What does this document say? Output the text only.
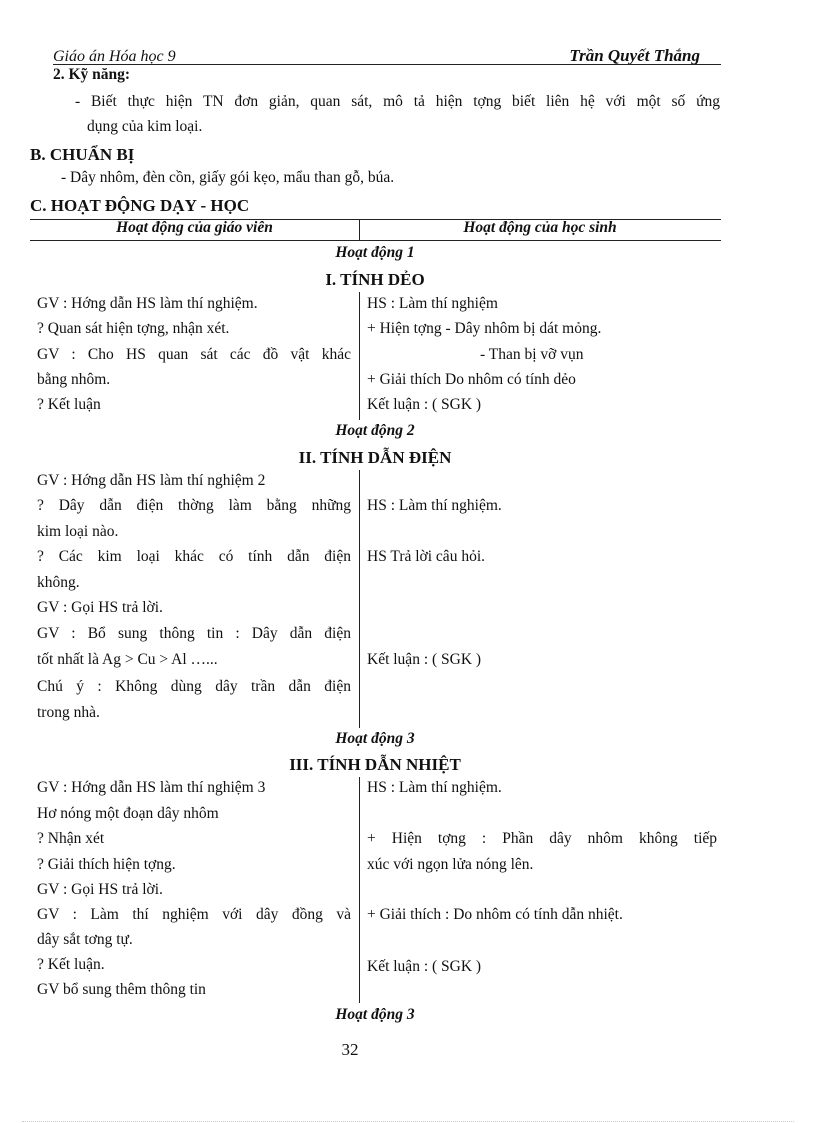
Giáo án Hóa học 9	Trần Quyết Thắng
2. Kỹ năng:
- Biết thực hiện TN đơn giản, quan sát, mô tả hiện tợng biết liên hệ với một số ứng
dụng của kim loại.
B. CHUẨN BỊ
- Dây nhôm, đèn cồn, giấy gói kẹo, mẩu than gỗ, búa.
C. HOẠT ĐỘNG DẠY - HỌC
Hoạt động của giáo viên	Hoạt động của học sinh
Hoạt động 1
I. TÍNH DẺO
GV : Hớng dẫn HS làm thí nghiệm.
? Quan sát hiện tợng, nhận xét.
GV : Cho HS quan sát các đồ vật khác
bằng nhôm.
? Kết luận
HS : Làm thí nghiệm
+ Hiện tợng - Dây nhôm bị dát mỏng.
- Than bị vỡ vụn
+ Giải thích Do nhôm có tính dẻo
Kết luận : ( SGK )
Hoạt động 2
II. TÍNH DẪN ĐIỆN
GV : Hớng dẫn HS làm thí nghiệm 2
? Dây dẫn điện thờng làm bằng những
kim loại nào.
? Các kim loại khác có tính dẫn điện
không.
GV : Gọi HS trả lời.
GV : Bổ sung thông tin : Dây dẫn điện
tốt nhất là Ag > Cu > Al …...
Chú ý : Không dùng dây trần dẫn điện
trong nhà.
HS : Làm thí nghiệm.
HS Trả lời câu hỏi.
Kết luận : ( SGK )
Hoạt động 3
III. TÍNH DẪN NHIỆT
GV : Hớng dẫn HS làm thí nghiệm 3
Hơ nóng một đoạn dây nhôm
? Nhận xét
? Giải thích hiện tợng.
GV : Gọi HS trả lời.
GV : Làm thí nghiệm với dây đồng và
dây sắt tơng tự.
? Kết luận.
GV bổ sung thêm thông tin
HS : Làm thí nghiệm.
+ Hiện tợng : Phần dây nhôm không tiếp
xúc với ngọn lửa nóng lên.
+ Giải thích : Do nhôm có tính dẫn nhiệt.
Kết luận : ( SGK )
Hoạt động 3
32
